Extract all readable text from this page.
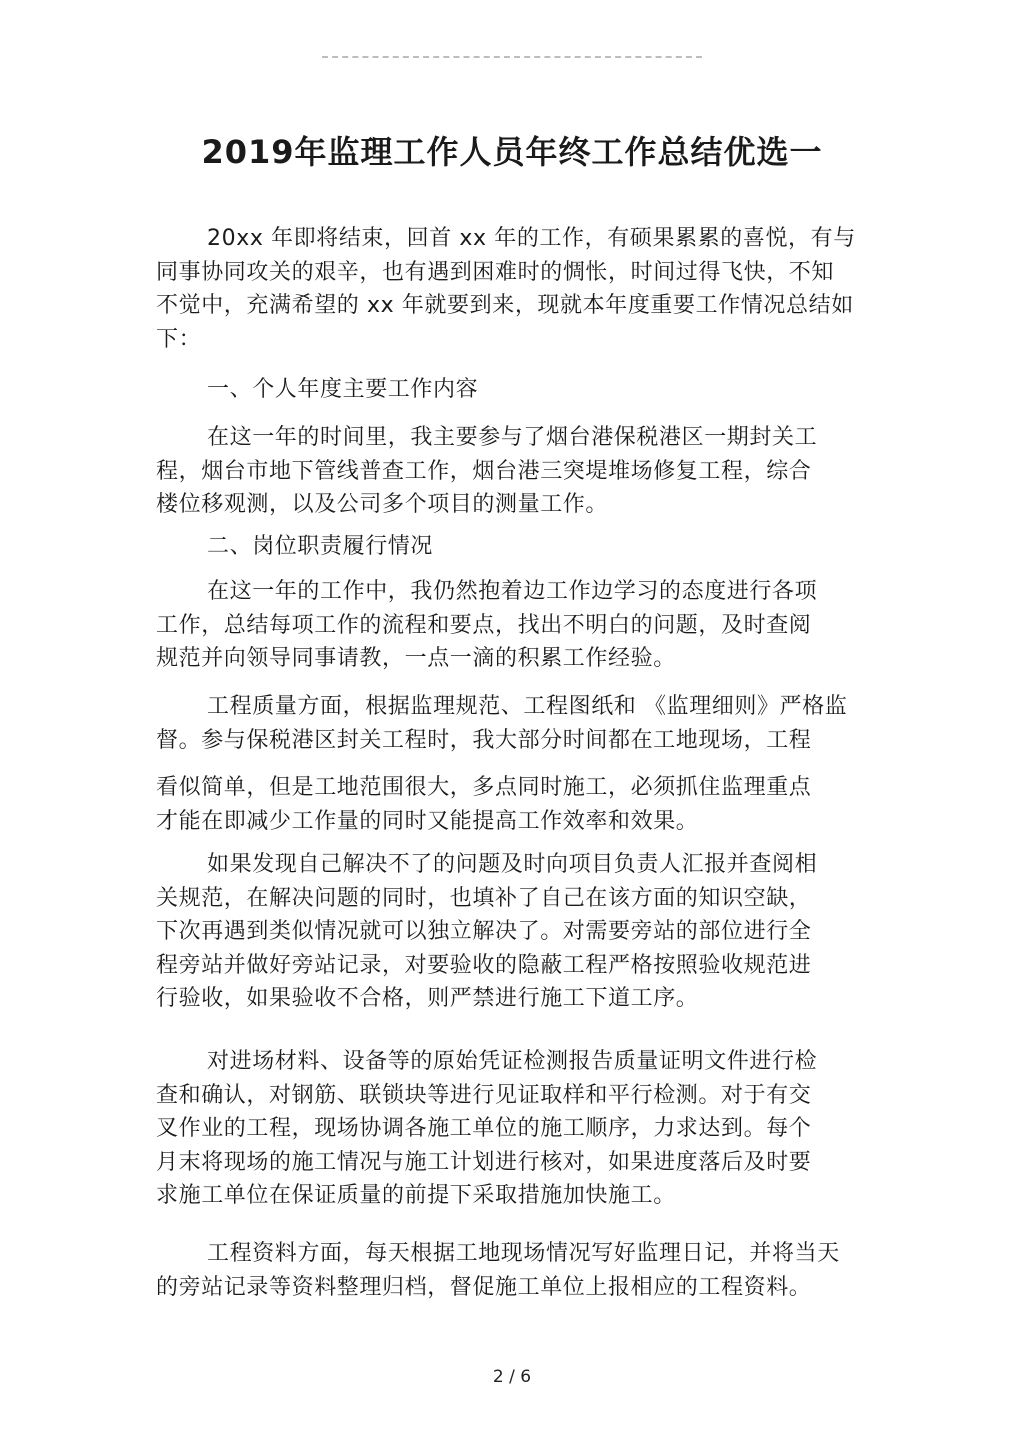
2019年监理工作人员年终工作总结优选一
20xx 年即将结束，回首 xx 年的工作，有硕果累累的喜悦，有与
同事协同攻关的艰辛，也有遇到困难时的惆怅，时间过得飞快，不知
不觉中，充满希望的 xx 年就要到来，现就本年度重要工作情况总结如
下：
一、个人年度主要工作内容
在这一年的时间里，我主要参与了烟台港保税港区一期封关工
程，烟台市地下管线普查工作，烟台港三突堤堆场修复工程，综合
楼位移观测，以及公司多个项目的测量工作。
二、岗位职责履行情况
在这一年的工作中，我仍然抱着边工作边学习的态度进行各项
工作，总结每项工作的流程和要点，找出不明白的问题，及时查阅
规范并向领导同事请教，一点一滴的积累工作经验。
工程质量方面，根据监理规范、工程图纸和 《监理细则》严格监
督。参与保税港区封关工程时，我大部分时间都在工地现场，工程
看似简单，但是工地范围很大，多点同时施工，必须抓住监理重点
才能在即减少工作量的同时又能提高工作效率和效果。
如果发现自己解决不了的问题及时向项目负责人汇报并查阅相
关规范，在解决问题的同时，也填补了自己在该方面的知识空缺，
下次再遇到类似情况就可以独立解决了。对需要旁站的部位进行全
程旁站并做好旁站记录，对要验收的隐蔽工程严格按照验收规范进
行验收，如果验收不合格，则严禁进行施工下道工序。
对进场材料、设备等的原始凭证检测报告质量证明文件进行检
查和确认，对钢筋、联锁块等进行见证取样和平行检测。对于有交
叉作业的工程，现场协调各施工单位的施工顺序，力求达到。每个
月末将现场的施工情况与施工计划进行核对，如果进度落后及时要
求施工单位在保证质量的前提下采取措施加快施工。
工程资料方面，每天根据工地现场情况写好监理日记，并将当天
的旁站记录等资料整理归档，督促施工单位上报相应的工程资料。
2 / 6
